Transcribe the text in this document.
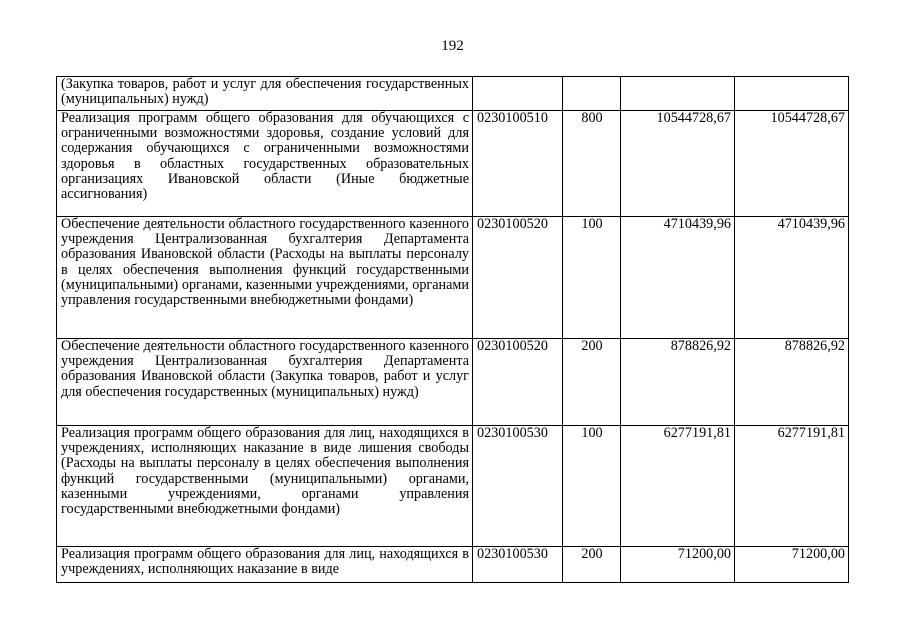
192
(Закупка товаров, работ и услуг для обеспечения государственных (муниципальных) нужд)				
Реализация программ общего образования для обучающихся с ограниченными возможностями здоровья, создание условий для содержания обучающихся с ограниченными возможностями здоровья в областных государственных образовательных организациях Ивановской области (Иные бюджетные ассигнования)	0230100510	800	10544728,67	10544728,67
Обеспечение деятельности областного государственного казенного учреждения Централизованная бухгалтерия Департамента образования Ивановской области (Расходы на выплаты персоналу в целях обеспечения выполнения функций государственными (муниципальными) органами, казенными учреждениями, органами управления государственными внебюджетными фондами)	0230100520	100	4710439,96	4710439,96
Обеспечение деятельности областного государственного казенного учреждения Централизованная бухгалтерия Департамента образования Ивановской области (Закупка товаров, работ и услуг для обеспечения государственных (муниципальных) нужд)	0230100520	200	878826,92	878826,92
Реализация программ общего образования для лиц, находящихся в учреждениях, исполняющих наказание в виде лишения свободы (Расходы на выплаты персоналу в целях обеспечения выполнения функций государственными (муниципальными) органами, казенными учреждениями, органами управления государственными внебюджетными фондами)	0230100530	100	6277191,81	6277191,81
Реализация программ общего образования для лиц, находящихся в учреждениях, исполняющих наказание в виде	0230100530	200	71200,00	71200,00
